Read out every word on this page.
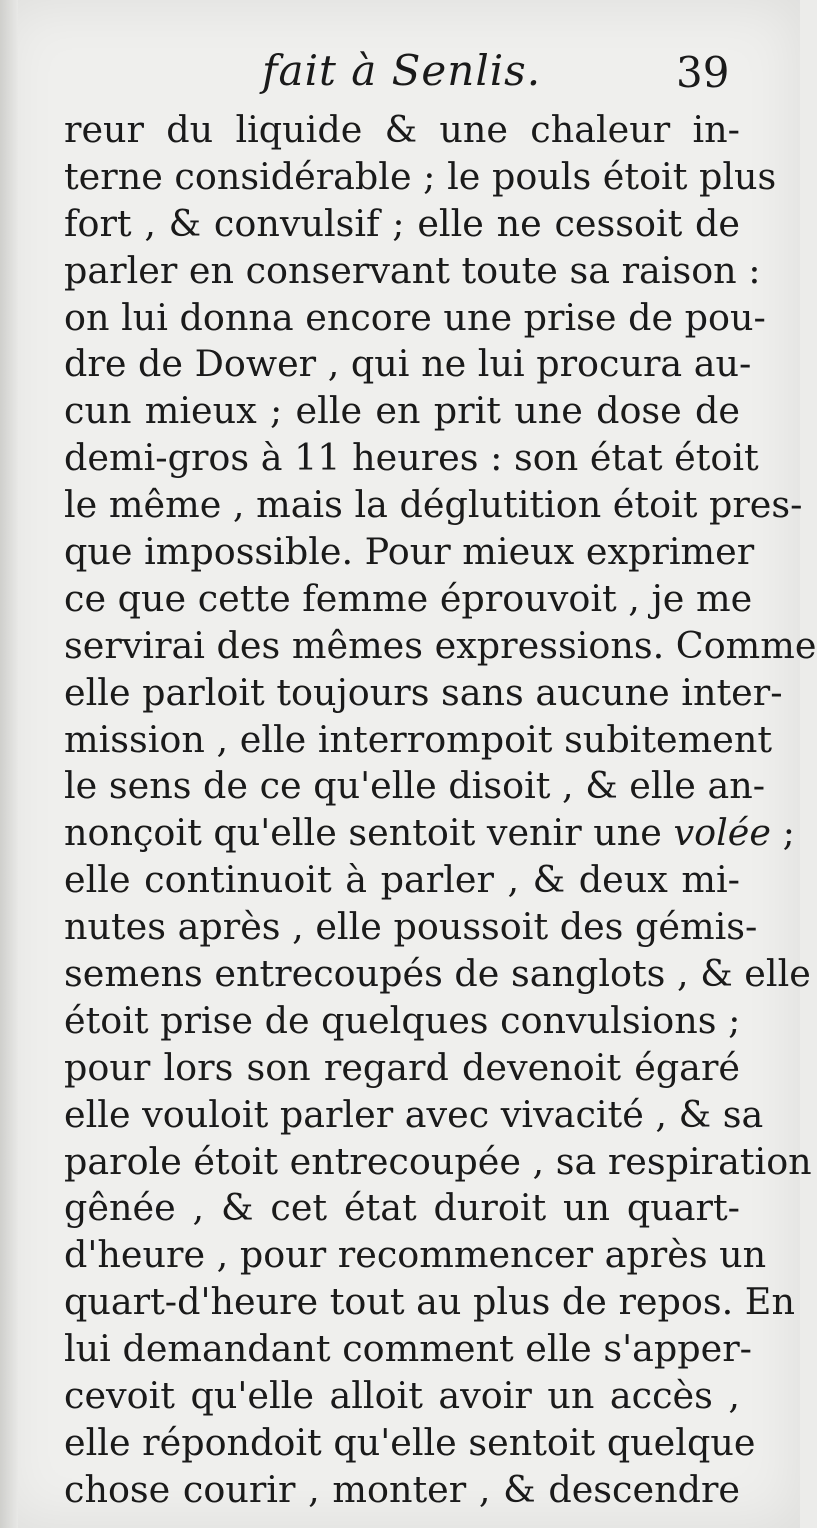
fait à Senlis.	39
reur du liquide & une chaleur in-
terne considérable ; le pouls étoit plus
fort , & convulsif ; elle ne cessoit de
parler en conservant toute sa raison :
on lui donna encore une prise de pou-
dre de Dower , qui ne lui procura au-
cun mieux ; elle en prit une dose de
demi-gros à 11 heures : son état étoit
le même , mais la déglutition étoit pres-
que impossible. Pour mieux exprimer
ce que cette femme éprouvoit , je me
servirai des mêmes expressions. Comme
elle parloit toujours sans aucune inter-
mission , elle interrompoit subitement
le sens de ce qu'elle disoit , & elle an-
nonçoit qu'elle sentoit venir une volée ;
elle continuoit à parler , & deux mi-
nutes après , elle poussoit des gémis-
semens entrecoupés de sanglots , & elle
étoit prise de quelques convulsions ;
pour lors son regard devenoit égaré
elle vouloit parler avec vivacité , & sa
parole étoit entrecoupée , sa respiration
gênée , & cet état duroit un quart-
d'heure , pour recommencer après un
quart-d'heure tout au plus de repos. En
lui demandant comment elle s'apper-
cevoit qu'elle alloit avoir un accès ,
elle répondoit qu'elle sentoit quelque
chose courir , monter , & descendre
